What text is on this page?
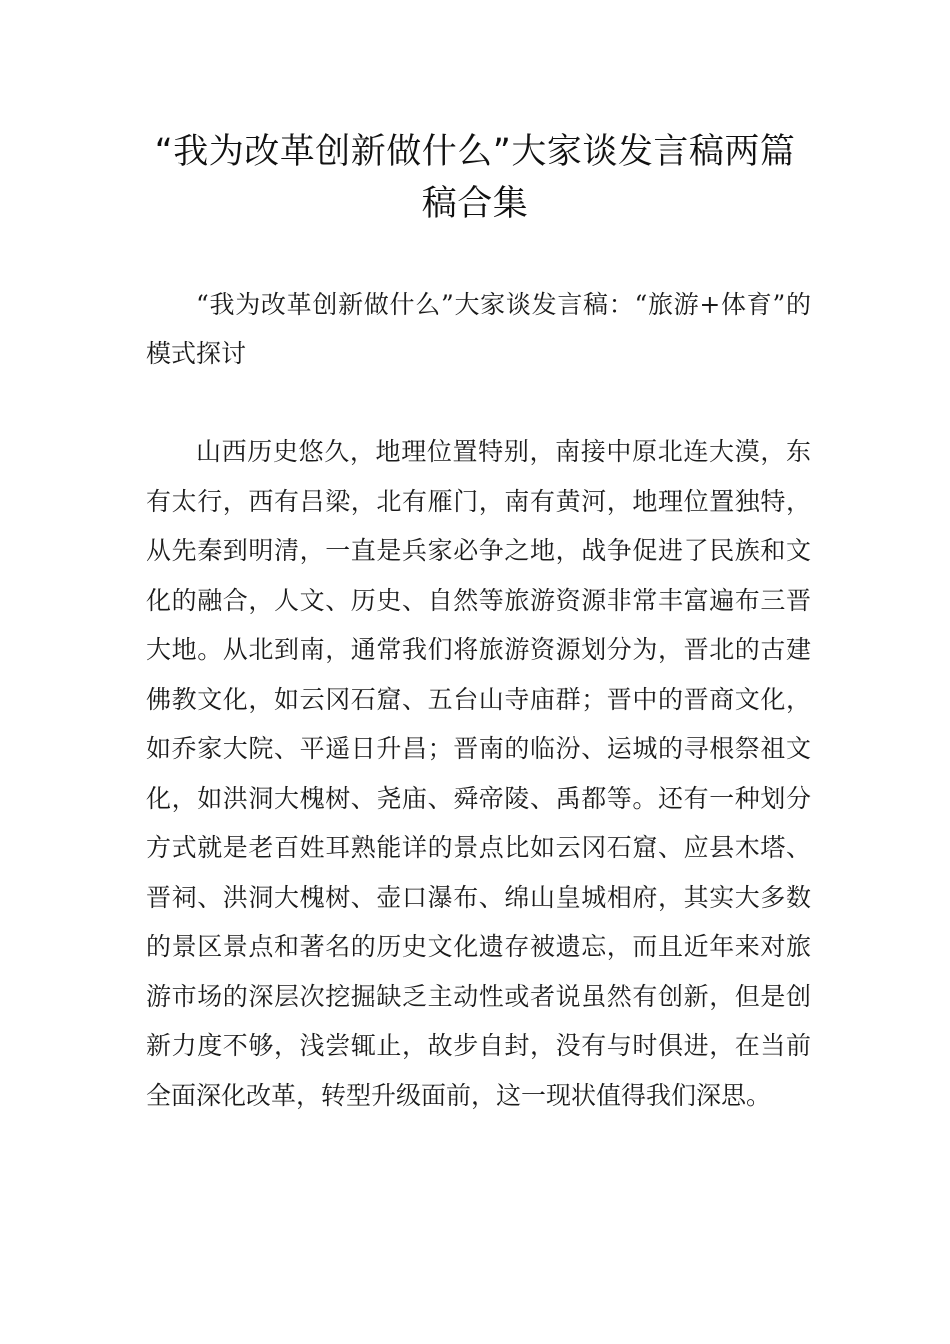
“我为改革创新做什么”大家谈发言稿两篇稿合集

“我为改革创新做什么”大家谈发言稿：“旅游+体育”的模式探讨

山西历史悠久，地理位置特别，南接中原北连大漠，东有太行，西有吕梁，北有雁门，南有黄河，地理位置独特，从先秦到明清，一直是兵家必争之地，战争促进了民族和文化的融合，人文、历史、自然等旅游资源非常丰富遍布三晋大地。从北到南，通常我们将旅游资源划分为，晋北的古建佛教文化，如云冈石窟、五台山寺庙群；晋中的晋商文化，如乔家大院、平遥日升昌；晋南的临汾、运城的寻根祭祖文化，如洪洞大槐树、尧庙、舜帝陵、禹都等。还有一种划分方式就是老百姓耳熟能详的景点比如云冈石窟、应县木塔、晋祠、洪洞大槐树、壶口瀑布、绵山皇城相府，其实大多数的景区景点和著名的历史文化遗存被遗忘，而且近年来对旅游市场的深层次挖掘缺乏主动性或者说虽然有创新，但是创新力度不够，浅尝辄止，故步自封，没有与时俱进，在当前全面深化改革，转型升级面前，这一现状值得我们深思。
